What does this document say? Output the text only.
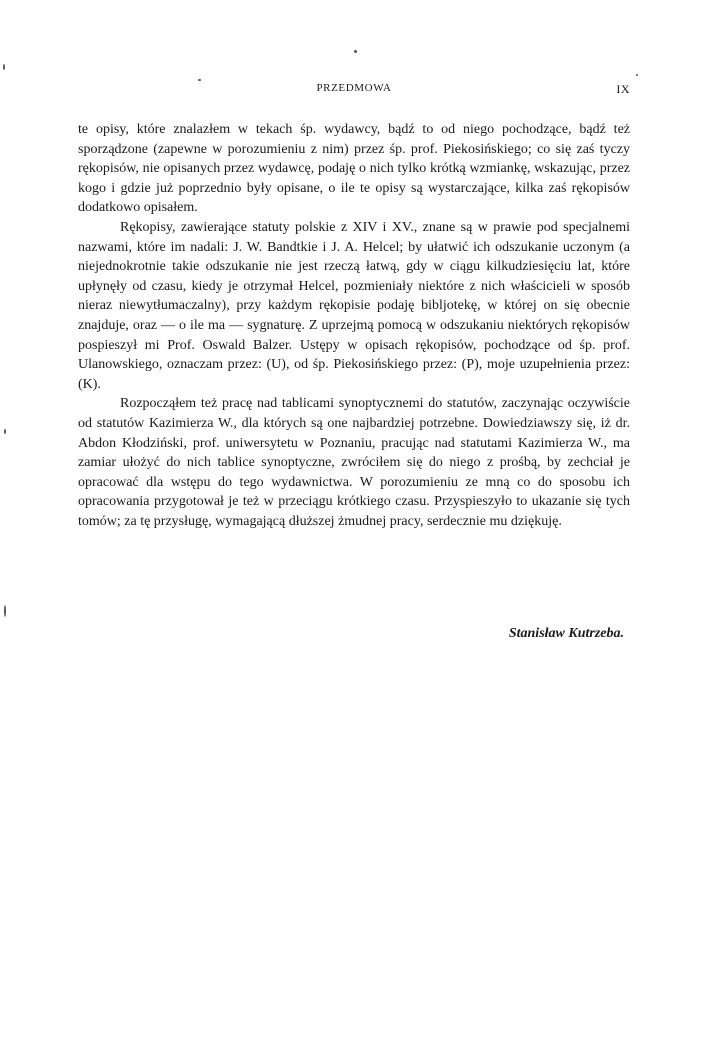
PRZEDMOWA	IX

te opisy, które znalazłem w tekach śp. wydawcy, bądź to od niego pochodzące, bądź też sporządzone (zapewne w porozumieniu z nim) przez śp. prof. Piekosińskiego; co się zaś tyczy rękopisów, nie opisanych przez wydawcę, podaję o nich tylko krótką wzmiankę, wskazując, przez kogo i gdzie już poprzednio były opisane, o ile te opisy są wystarczające, kilka zaś rękopisów dodatkowo opisałem.

Rękopisy, zawierające statuty polskie z XIV i XV., znane są w prawie pod specjalnemi nazwami, które im nadali: J. W. Bandtkie i J. A. Helcel; by ułatwić ich odszukanie uczonym (a niejednokrotnie takie odszukanie nie jest rzeczą łatwą, gdy w ciągu kilkudziesięciu lat, które upłynęły od czasu, kiedy je otrzymał Helcel, pozmieniały niektóre z nich właścicieli w sposób nieraz niewytłumaczalny), przy każdym rękopisie podaję bibljotekę, w której on się obecnie znajduje, oraz — o ile ma — sygnaturę. Z uprzejmą pomocą w odszukaniu niektórych rękopisów pospieszył mi Prof. Oswald Balzer. Ustępy w opisach rękopisów, pochodzące od śp. prof. Ulanowskiego, oznaczam przez: (U), od śp. Piekosińskiego przez: (P), moje uzupełnienia przez: (K).

Rozpocząłem też pracę nad tablicami synoptycznemi do statutów, zaczynając oczywiście od statutów Kazimierza W., dla których są one najbardziej potrzebne. Dowiedziawszy się, iż dr. Abdon Kłodziński, prof. uniwersytetu w Poznaniu, pracując nad statutami Kazimierza W., ma zamiar ułożyć do nich tablice synoptyczne, zwróciłem się do niego z prośbą, by zechciał je opracować dla wstępu do tego wydawnictwa. W porozumieniu ze mną co do sposobu ich opracowania przygotował je też w przeciągu krótkiego czasu. Przyspieszyło to ukazanie się tych tomów; za tę przysługę, wymagającą dłuższej żmudnej pracy, serdecznie mu dziękuję.

Stanisław Kutrzeba.
